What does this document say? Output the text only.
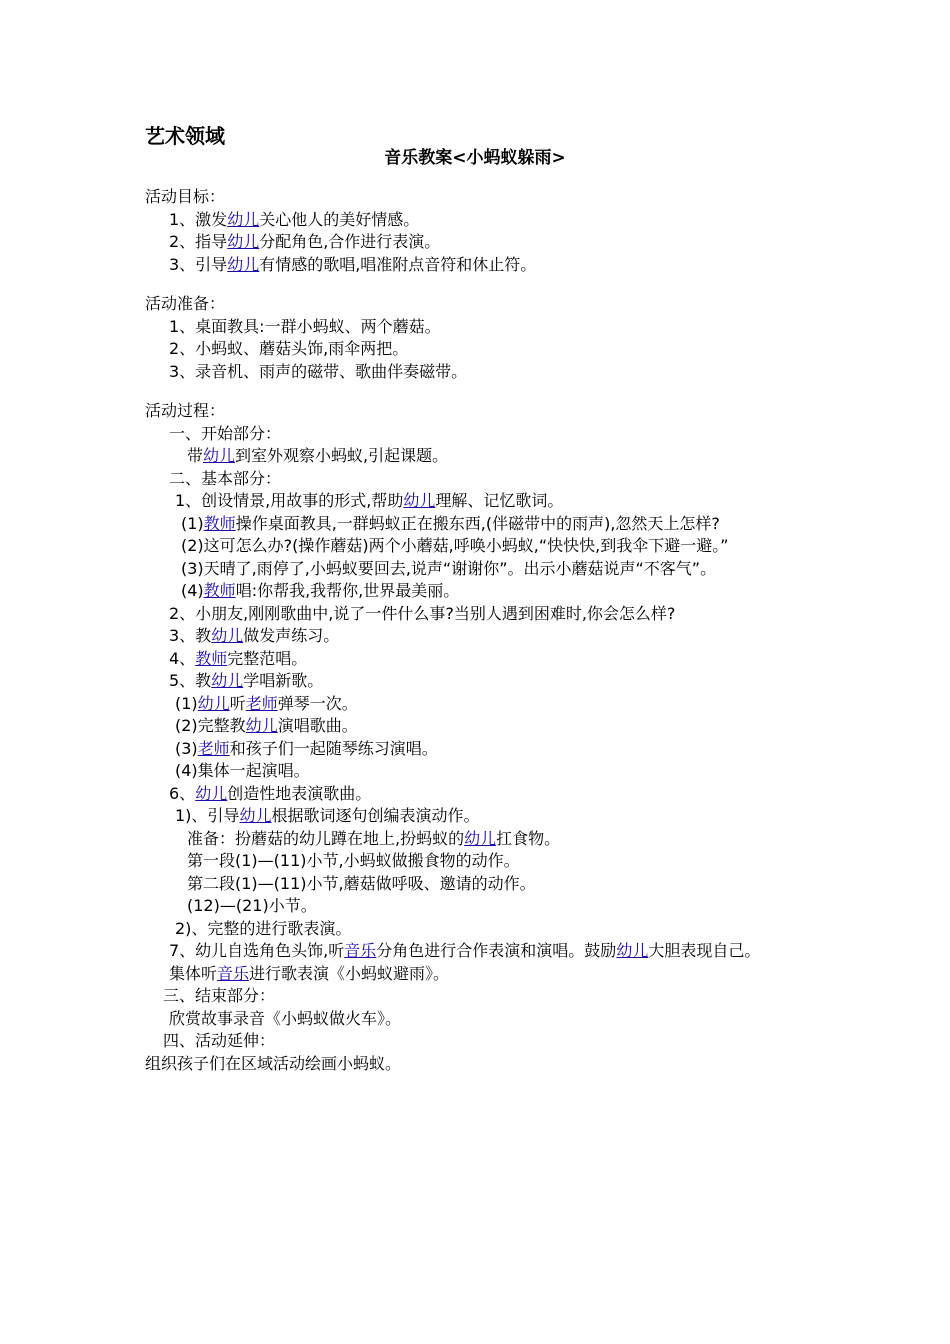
艺术领域
音乐教案<小蚂蚁躲雨>
活动目标：
1、激发幼儿关心他人的美好情感。
2、指导幼儿分配角色,合作进行表演。
3、引导幼儿有情感的歌唱,唱准附点音符和休止符。
活动准备：
1、桌面教具:一群小蚂蚁、两个蘑菇。
2、小蚂蚁、蘑菇头饰,雨伞两把。
3、录音机、雨声的磁带、歌曲伴奏磁带。
活动过程：
一、开始部分：
带幼儿到室外观察小蚂蚁,引起课题。
二、基本部分：
1、创设情景,用故事的形式,帮助幼儿理解、记忆歌词。
(1)教师操作桌面教具,一群蚂蚁正在搬东西,(伴磁带中的雨声),忽然天上怎样?
(2)这可怎么办?(操作蘑菇)两个小蘑菇,呼唤小蚂蚁,“快快快,到我伞下避一避。”
(3)天晴了,雨停了,小蚂蚁要回去,说声“谢谢你”。出示小蘑菇说声“不客气”。
(4)教师唱:你帮我,我帮你,世界最美丽。
2、小朋友,刚刚歌曲中,说了一件什么事?当别人遇到困难时,你会怎么样?
3、教幼儿做发声练习。
4、教师完整范唱。
5、教幼儿学唱新歌。
(1)幼儿听老师弹琴一次。
(2)完整教幼儿演唱歌曲。
(3)老师和孩子们一起随琴练习演唱。
(4)集体一起演唱。
6、幼儿创造性地表演歌曲。
1)、引导幼儿根据歌词逐句创编表演动作。
准备：扮蘑菇的幼儿蹲在地上,扮蚂蚁的幼儿扛食物。
第一段(1)—(11)小节,小蚂蚁做搬食物的动作。
第二段(1)—(11)小节,蘑菇做呼吸、邀请的动作。
(12)—(21)小节。
2)、完整的进行歌表演。
7、幼儿自选角色头饰,听音乐分角色进行合作表演和演唱。鼓励幼儿大胆表现自己。
集体听音乐进行歌表演《小蚂蚁避雨》。
三、结束部分：
欣赏故事录音《小蚂蚁做火车》。
四、活动延伸：
组织孩子们在区域活动绘画小蚂蚁。
